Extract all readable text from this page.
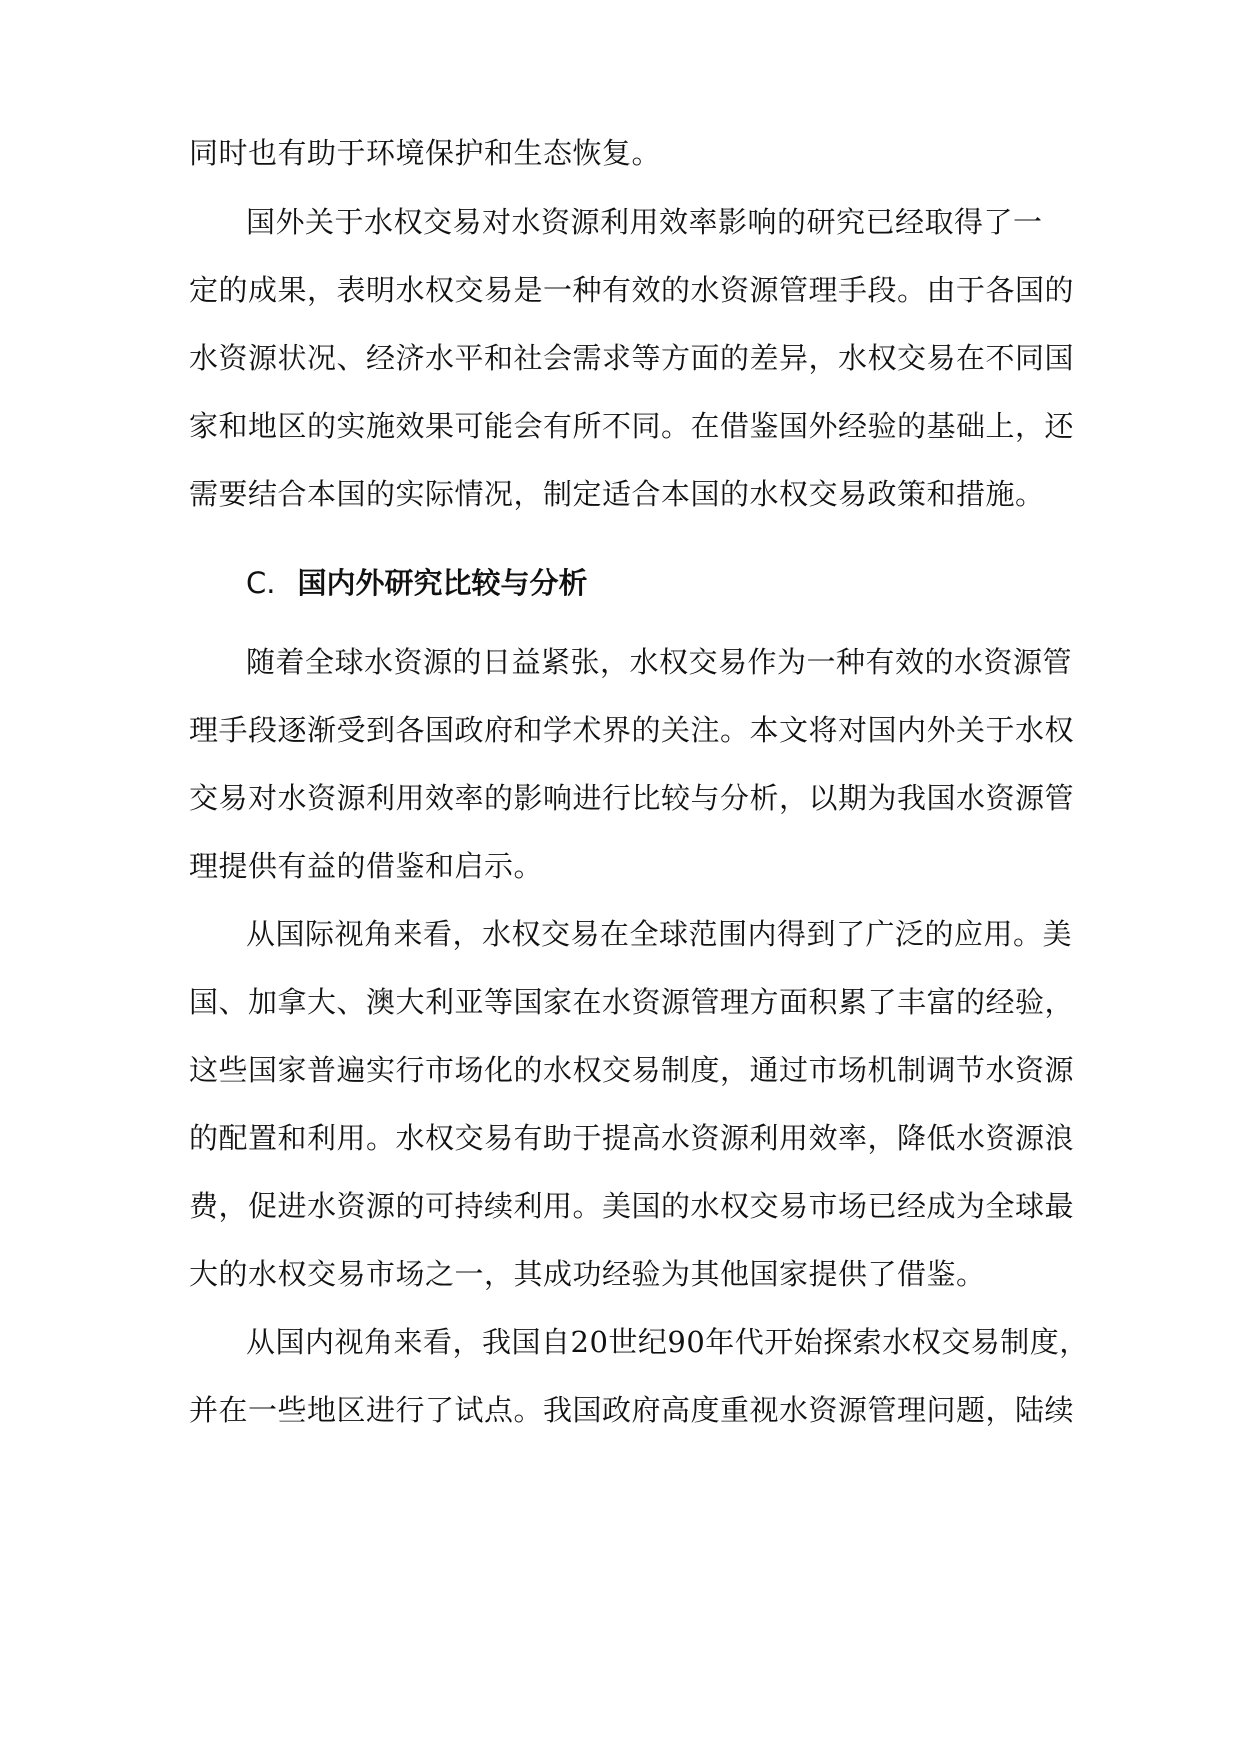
同时也有助于环境保护和生态恢复。
国外关于水权交易对水资源利用效率影响的研究已经取得了一
定的成果，表明水权交易是一种有效的水资源管理手段。由于各国的
水资源状况、经济水平和社会需求等方面的差异，水权交易在不同国
家和地区的实施效果可能会有所不同。在借鉴国外经验的基础上，还
需要结合本国的实际情况，制定适合本国的水权交易政策和措施。
C. 国内外研究比较与分析
随着全球水资源的日益紧张，水权交易作为一种有效的水资源管
理手段逐渐受到各国政府和学术界的关注。本文将对国内外关于水权
交易对水资源利用效率的影响进行比较与分析，以期为我国水资源管
理提供有益的借鉴和启示。
从国际视角来看，水权交易在全球范围内得到了广泛的应用。美
国、加拿大、澳大利亚等国家在水资源管理方面积累了丰富的经验，
这些国家普遍实行市场化的水权交易制度，通过市场机制调节水资源
的配置和利用。水权交易有助于提高水资源利用效率，降低水资源浪
费，促进水资源的可持续利用。美国的水权交易市场已经成为全球最
大的水权交易市场之一，其成功经验为其他国家提供了借鉴。
从国内视角来看，我国自20世纪90年代开始探索水权交易制度，
并在一些地区进行了试点。我国政府高度重视水资源管理问题，陆续
